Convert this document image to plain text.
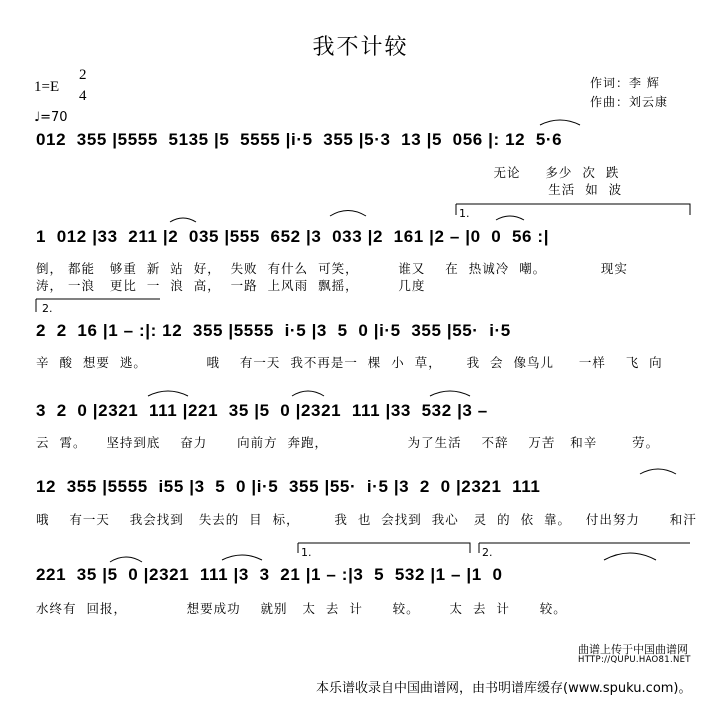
我不计较
1=E
2
4
♩=70
作词：李 辉
作曲：刘云康
012  355 |5555  5135 |5  5555 |i·5  355 |5·3  13 |5  056 |: 12  5·6
无论     多少  次  跌
生活  如  波
1.
1  012 |33  211 |2  035 |555  652 |3  033 |2  161 |2 – |0  0  56 :|
倒， 都能   够重  新  站  好，  失败  有什么  可笑，        谁又    在  热诚冷  嘲。           现实
涛， 一浪   更比  一  浪  高，  一路  上风雨  飘摇，        几度
2.
2  2  16 |1 – :|: 12  355 |5555  i·5 |3  5  0 |i·5  355 |55·  i·5
辛  酸  想要  逃。            哦    有一天  我不再是一  棵  小  草，     我  会  像鸟儿     一样    飞  向
3  2  0 |2321  111 |221  35 |5  0 |2321  111 |33  532 |3 –
云  霄。    坚持到底    奋力      向前方  奔跑，                为了生活    不辞    万苦   和辛       劳。
12  355 |5555  i55 |3  5  0 |i·5  355 |55·  i·5 |3  2  0 |2321  111
哦    有一天    我会找到   失去的  目  标，       我  也  会找到  我心   灵  的  依  靠。   付出努力      和汗
1.	2.
221  35 |5  0 |2321  111 |3  3  21 |1 – :|3  5  532 |1 – |1  0
水终有  回报，            想要成功    就别   太  去  计      较。      太  去  计      较。
曲谱上传于中国曲谱网
HTTP://QUPU.HAO81.NET
本乐谱收录自中国曲谱网，由书明谱库缓存(www.spuku.com)。
